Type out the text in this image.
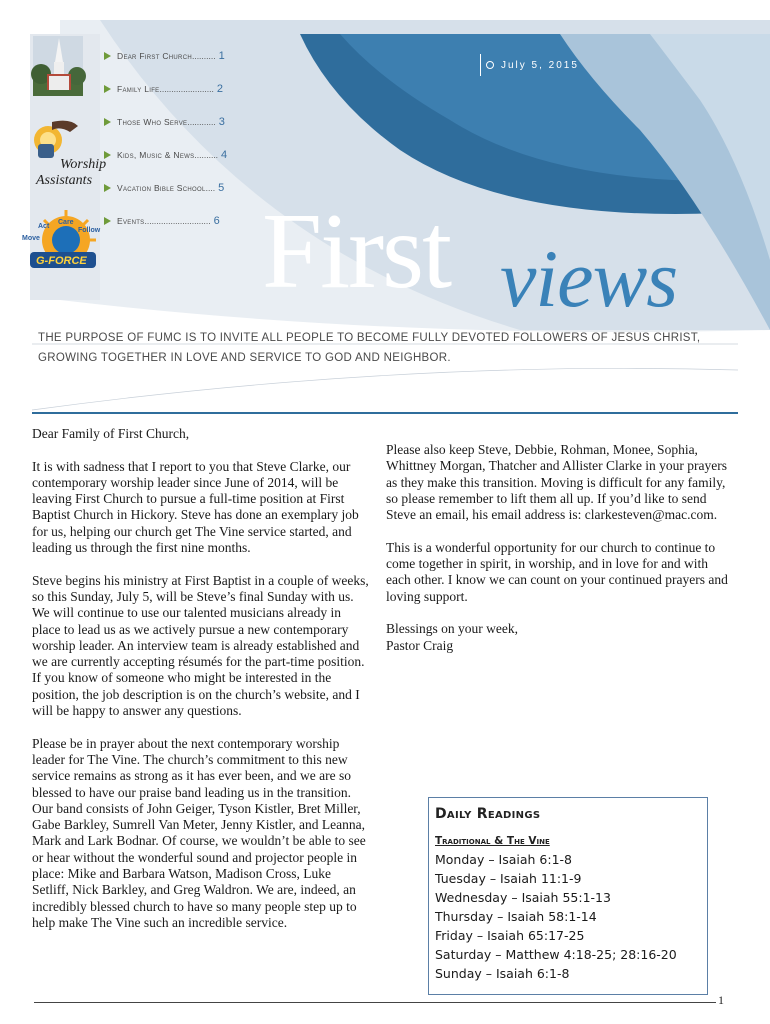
Worship
Assistants
Care
Follow
Act
Move
G-FORCE
Dear First Church .......... 1
Family Life ....................... 2
Those Who Serve ............ 3
Kids, Music & News .......... 4
Vacation Bible School .... 5
Events ............................ 6
July 5, 2015
First views
THE PURPOSE OF FUMC IS TO INVITE ALL PEOPLE TO BECOME FULLY DEVOTED FOLLOWERS OF JESUS CHRIST, GROWING TOGETHER IN LOVE AND SERVICE TO GOD AND NEIGHBOR.

Dear Family of First Church,

It is with sadness that I report to you that Steve Clarke, our contemporary worship leader since June of 2014, will be leaving First Church to pursue a full-time position at First Baptist Church in Hickory. Steve has done an exemplary job for us, helping our church get The Vine service started, and leading us through the first nine months.

Steve begins his ministry at First Baptist in a couple of weeks, so this Sunday, July 5, will be Steve’s final Sunday with us. We will continue to use our talented musicians already in place to lead us as we actively pursue a new contemporary worship leader. An interview team is already established and we are currently accepting résumés for the part-time position. If you know of someone who might be interested in the position, the job description is on the church’s website, and I will be happy to answer any questions.

Please be in prayer about the next contemporary worship leader for The Vine. The church’s commitment to this new service remains as strong as it has ever been, and we are so blessed to have our praise band leading us in the transition. Our band consists of John Geiger, Tyson Kistler, Bret Miller, Gabe Barkley, Sumrell Van Meter, Jenny Kistler, and Leanna, Mark and Lark Bodnar. Of course, we wouldn’t be able to see or hear without the wonderful sound and projector people in place: Mike and Barbara Watson, Madison Cross, Luke Setliff, Nick Barkley, and Greg Waldron. We are, indeed, an incredibly blessed church to have so many people step up to help make The Vine such an incredible service.

Please also keep Steve, Debbie, Rohman, Monee, Sophia, Whittney Morgan, Thatcher and Allister Clarke in your prayers as they make this transition. Moving is difficult for any family, so please remember to lift them all up. If you’d like to send Steve an email, his email address is: clarkesteven@mac.com.

This is a wonderful opportunity for our church to continue to come together in spirit, in worship, and in love for and with each other. I know we can count on your continued prayers and loving support.

Blessings on your week,
Pastor Craig
Daily Readings
Traditional & The Vine
Monday – Isaiah 6:1-8
Tuesday – Isaiah 11:1-9
Wednesday – Isaiah 55:1-13
Thursday – Isaiah 58:1-14
Friday – Isaiah 65:17-25
Saturday – Matthew 4:18-25; 28:16-20
Sunday – Isaiah 6:1-8
1
